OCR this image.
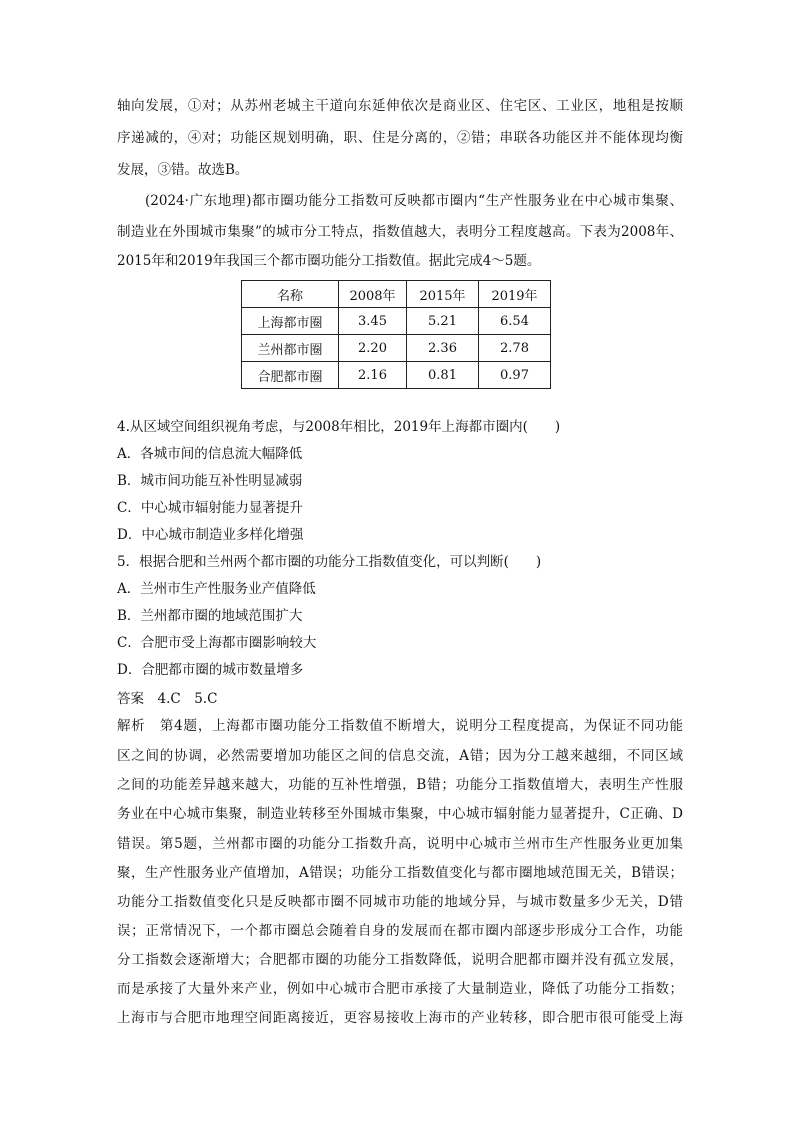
轴向发展，①对；从苏州老城主干道向东延伸依次是商业区、住宅区、工业区，地租是按顺
序递减的，④对；功能区规划明确，职、住是分离的，②错；串联各功能区并不能体现均衡
发展，③错。故选B。
(2024·广东地理)都市圈功能分工指数可反映都市圈内“生产性服务业在中心城市集聚、
制造业在外围城市集聚”的城市分工特点，指数值越大，表明分工程度越高。下表为2008年、
2015年和2019年我国三个都市圈功能分工指数值。据此完成4～5题。
名称	2008年	2015年	2019年
上海都市圈	3.45	5.21	6.54
兰州都市圈	2.20	2.36	2.78
合肥都市圈	2.16	0.81	0.97
4.从区域空间组织视角考虑，与2008年相比，2019年上海都市圈内(　　)
A．各城市间的信息流大幅降低
B．城市间功能互补性明显减弱
C．中心城市辐射能力显著提升
D．中心城市制造业多样化增强
5．根据合肥和兰州两个都市圈的功能分工指数值变化，可以判断(　　)
A．兰州市生产性服务业产值降低
B．兰州都市圈的地域范围扩大
C．合肥市受上海都市圈影响较大
D．合肥都市圈的城市数量增多
答案　4.C　5.C
解析　第4题，上海都市圈功能分工指数值不断增大，说明分工程度提高，为保证不同功能
区之间的协调，必然需要增加功能区之间的信息交流，A错；因为分工越来越细，不同区域
之间的功能差异越来越大，功能的互补性增强，B错；功能分工指数值增大，表明生产性服
务业在中心城市集聚，制造业转移至外围城市集聚，中心城市辐射能力显著提升，C正确、D
错误。第5题，兰州都市圈的功能分工指数升高，说明中心城市兰州市生产性服务业更加集
聚，生产性服务业产值增加，A错误；功能分工指数值变化与都市圈地域范围无关，B错误；
功能分工指数值变化只是反映都市圈不同城市功能的地域分异，与城市数量多少无关，D错
误；正常情况下，一个都市圈总会随着自身的发展而在都市圈内部逐步形成分工合作，功能
分工指数会逐渐增大；合肥都市圈的功能分工指数降低，说明合肥都市圈并没有孤立发展，
而是承接了大量外来产业，例如中心城市合肥市承接了大量制造业，降低了功能分工指数；
上海市与合肥市地理空间距离接近，更容易接收上海市的产业转移，即合肥市很可能受上海
